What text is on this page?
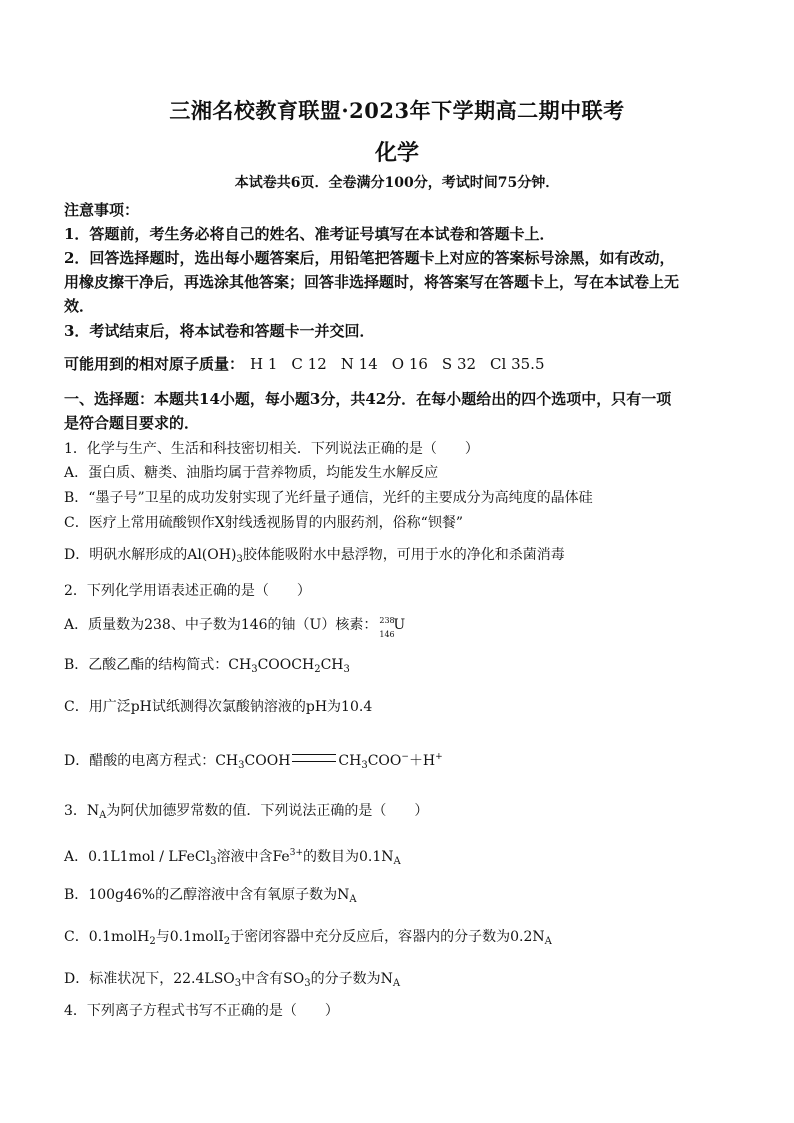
三湘名校教育联盟·2023年下学期高二期中联考
化学
本试卷共6页．全卷满分100分，考试时间75分钟．
注意事项：
1．答题前，考生务必将自己的姓名、准考证号填写在本试卷和答题卡上．
2．回答选择题时，选出每小题答案后，用铅笔把答题卡上对应的答案标号涂黑，如有改动，
用橡皮擦干净后，再选涂其他答案；回答非选择题时，将答案写在答题卡上，写在本试卷上无
效．
3．考试结束后，将本试卷和答题卡一并交回．
可能用到的相对原子质量： H 1 C 12 N 14 O 16 S 32 Cl 35.5
一、选择题：本题共14小题，每小题3分，共42分．在每小题给出的四个选项中，只有一项
是符合题目要求的．
1．化学与生产、生活和科技密切相关．下列说法正确的是（　　）
A．蛋白质、糖类、油脂均属于营养物质，均能发生水解反应
B．“墨子号”卫星的成功发射实现了光纤量子通信，光纤的主要成分为高纯度的晶体硅
C．医疗上常用硫酸钡作X射线透视肠胃的内服药剂，俗称“钡餐”
D．明矾水解形成的$Al(OH)_3$胶体能吸附水中悬浮物，可用于水的净化和杀菌消毒
2．下列化学用语表述正确的是（　　）
A．质量数为238、中子数为146的铀（U）核素： 238
146
U
B．乙酸乙酯的结构简式：$CH_3COOCH_2CH_3$
C．用广泛pH试纸测得次氯酸钠溶液的pH为10.4
D．醋酸的电离方程式：$CH_3COOH$	$CH_3COO^-+H^+$
3．$N_A$为阿伏加德罗常数的值．下列说法正确的是（　　）
A．0.1L1mol / LFeCl$_3$溶液中含$Fe^{3+}$的数目为$0.1N_A$
B．100g46%的乙醇溶液中含有氧原子数为$N_A$
C．0.1molH$_2$与0.1molI$_2$于密闭容器中充分反应后，容器内的分子数为$0.2N_A$
D．标准状况下，$22.4LSO_3$中含有$SO_3$的分子数为$N_A$
4．下列离子方程式书写不正确的是（　　）
